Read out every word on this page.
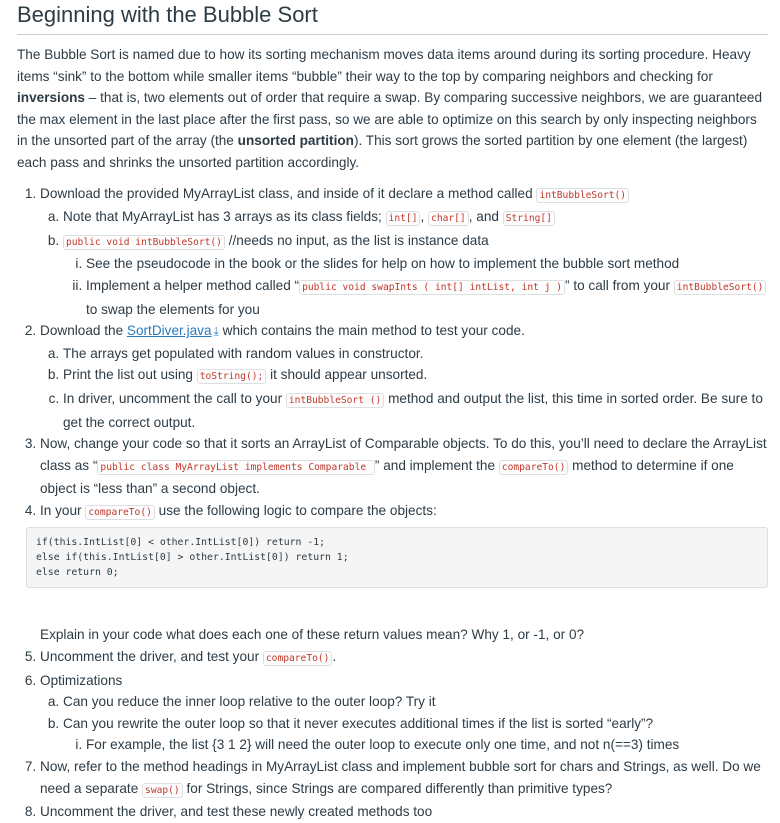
Beginning with the Bubble Sort

The Bubble Sort is named due to how its sorting mechanism moves data items around during its sorting procedure. Heavy items “sink” to the bottom while smaller items “bubble” their way to the top by comparing neighbors and checking for inversions – that is, two elements out of order that require a swap. By comparing successive neighbors, we are guaranteed the max element in the last place after the first pass, so we are able to optimize on this search by only inspecting neighbors in the unsorted part of the array (the unsorted partition). This sort grows the sorted partition by one element (the largest) each pass and shrinks the unsorted partition accordingly.

1. Download the provided MyArrayList class, and inside of it declare a method called intBubbleSort()
a. Note that MyArrayList has 3 arrays as its class fields; int[] , char[] , and String[]
b. public void intBubbleSort() //needs no input, as the list is instance data
i. See the pseudocode in the book or the slides for help on how to implement the bubble sort method
ii. Implement a helper method called “ public void swapInts ( int[] intList, int j ) ” to call from your intBubbleSort() to swap the elements for you
2. Download the SortDiver.java ⤓ which contains the main method to test your code.
a. The arrays get populated with random values in constructor.
b. Print the list out using toString(); it should appear unsorted.
c. In driver, uncomment the call to your intBubbleSort () method and output the list, this time in sorted order. Be sure to get the correct output.
3. Now, change your code so that it sorts an ArrayList of Comparable objects. To do this, you’ll need to declare the ArrayList class as “ public class MyArrayList implements Comparable ” and implement the compareTo() method to determine if one object is “less than” a second object.
4. In your compareTo() use the following logic to compare the objects:
if(this.IntList[0] < other.IntList[0]) return -1;
else if(this.IntList[0] > other.IntList[0]) return 1;
else return 0;
Explain in your code what does each one of these return values mean? Why 1, or -1, or 0?
5. Uncomment the driver, and test your compareTo() .
6. Optimizations
a. Can you reduce the inner loop relative to the outer loop? Try it
b. Can you rewrite the outer loop so that it never executes additional times if the list is sorted “early”?
i. For example, the list {3 1 2} will need the outer loop to execute only one time, and not n(==3) times
7. Now, refer to the method headings in MyArrayList class and implement bubble sort for chars and Strings, as well. Do we need a separate swap() for Strings, since Strings are compared differently than primitive types?
8. Uncomment the driver, and test these newly created methods too
